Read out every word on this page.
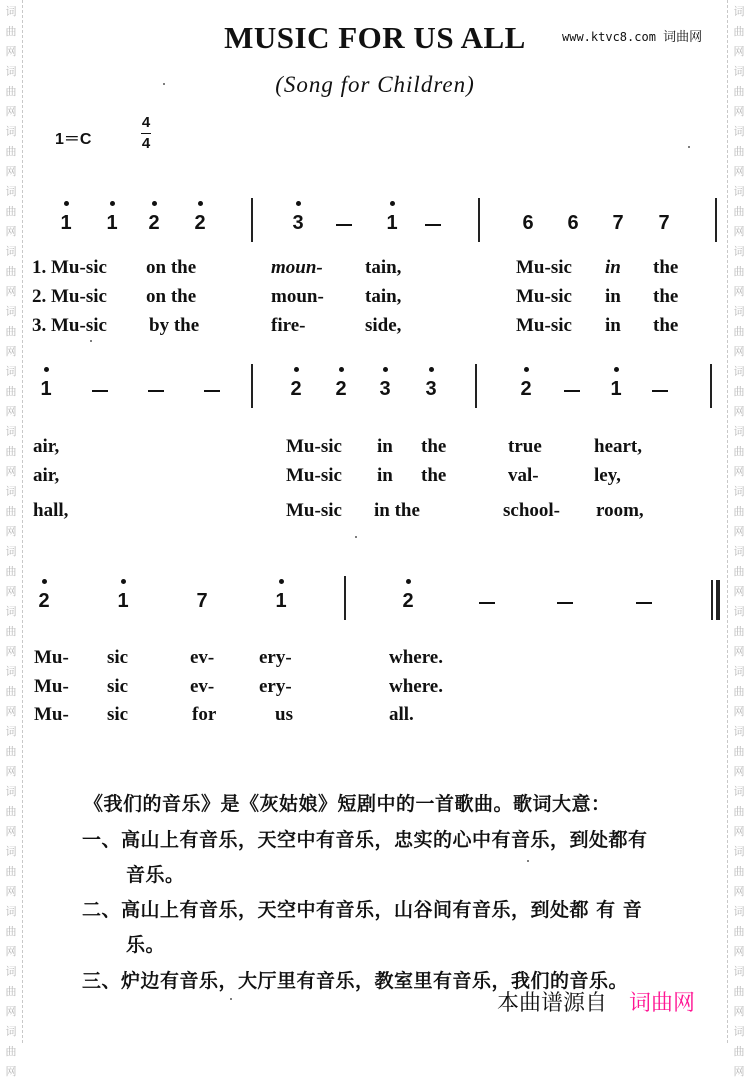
词
曲
网
词
曲
网
词
曲
网
词
曲
网
词
曲
网
词
曲
网
词
曲
网
词
曲
网
词
曲
网
词
曲
网
词
曲
网
词
曲
网
词
曲
网
词
曲
网
词
曲
网
词
曲
网
词
曲
网
词
曲
网
词
曲
网
词
曲
网
词
曲
网
词
曲
网
词
曲
网
词
曲
网
词
曲
网
词
曲
网
词
曲
网
词
曲
网
词
曲
网
词
曲
网
词
曲
网
词
曲
网
词
曲
网
词
曲
网
词
曲
网
词
曲
网
MUSIC FOR US ALL	www.ktvc8.com 词曲网
(Song for Children)
1＝C
4
4
1 1 2 2	3	1	6 6 7 7
1	2 2 3 3	2	1
2	1	7	1	2
1. Mu-sic on the	moun- tain,	Mu-sic in the
2. Mu-sic on the	moun- tain,	Mu-sic in the
3. Mu-sic by the	fire-	side,	Mu-sic in the
air,	Mu-sic in the	true	heart,
air,	Mu-sic in the	val-	ley,
hall,	Mu-sic in the	school- room,
Mu- sic	ev- ery-	where.
Mu- sic	ev- ery-	where.
Mu- sic	for	us	all.
《我们的音乐》是《灰姑娘》短剧中的一首歌曲。歌词大意：
一、高山上有音乐，天空中有音乐，忠实的心中有音乐，到处都有
音乐。
二、高山上有音乐，天空中有音乐，山谷间有音乐，到处都 有 音
乐。
三、炉边有音乐，大厅里有音乐，教室里有音乐，我们的音乐。
本曲谱源自 词曲网
